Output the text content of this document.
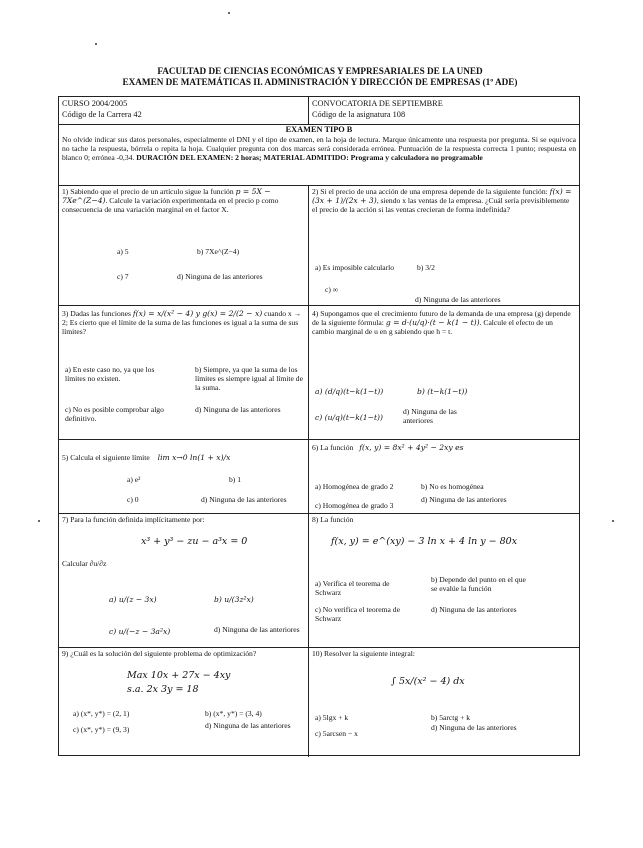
FACULTAD DE CIENCIAS ECONÓMICAS Y EMPRESARIALES DE LA UNED
EXAMEN DE MATEMÁTICAS II. ADMINISTRACIÓN Y DIRECCIÓN DE EMPRESAS (1º ADE)
CURSO 2004/2005
Código de la Carrera 42
CONVOCATORIA DE SEPTIEMBRE
Código de la asignatura 108
EXAMEN TIPO B
No olvide indicar sus datos personales, especialmente el DNI y el tipo de examen, en la hoja de lectura. Marque únicamente una respuesta por pregunta. Si se equivoca no tache la respuesta, bórrela o repita la hoja. Cualquier pregunta con dos marcas será considerada errónea. Puntuación de la respuesta correcta 1 punto; respuesta en blanco 0; errónea -0,34. DURACIÓN DEL EXAMEN: 2 horas; MATERIAL ADMITIDO: Programa y calculadora no programable
1) Sabiendo que el precio de un artículo sigue la función p = 5X − 7Xe^(Z−4). Calcule la variación experimentada en el precio p como consecuencia de una variación marginal en el factor X.
a) 5	b) 7Xe^(Z−4)
c) 7	d) Ninguna de las anteriores
2) Si el precio de una acción de una empresa depende de la siguiente función: f(x) = (3x + 1)/(2x + 3), siendo x las ventas de la empresa. ¿Cuál sería previsiblemente el precio de la acción si las ventas crecieran de forma indefinida?
a) Es imposible calcularlo	b) 3/2
c) ∞
d) Ninguna de las anteriores
3) Dadas las funciones f(x) = x/(x² − 4) y g(x) = 2/(2 − x) cuando x → 2; Es cierto que el límite de la suma de las funciones es igual a la suma de sus límites?
a) En este caso no, ya que los límites no existen.
b) Siempre, ya que la suma de los límites es siempre igual al límite de la suma.
c) No es posible comprobar algo definitivo.
d) Ninguna de las anteriores
4) Supongamos que el crecimiento futuro de la demanda de una empresa (g) depende de la siguiente fórmula: g = d·(u/q)·(t − k(1 − t)). Calcule el efecto de un cambio marginal de u en g sabiendo que h = t.
a) (d/q)(t−k(1−t))	b) (t−k(1−t))
c) (u/q)(t−k(1−t))
d) Ninguna de las anteriores
5) Calcula el siguiente límite lim x→0 ln(1 + x)/x
a) e²	b) 1
c) 0	d) Ninguna de las anteriores
6) La función f(x, y) = 8x² + 4y² − 2xy es
a) Homogénea de grado 2	b) No es homogénea
c) Homogénea de grado 3
d) Ninguna de las anteriores
7) Para la función definida implícitamente por:
x³ + y³ − zu − a³x = 0
Calcular ∂u/∂z
a) u/(z − 3x)	b) u/(3z²x)
c) u/(−z − 3a²x)	d) Ninguna de las anteriores
8) La función
f(x, y) = e^(xy) − 3 ln x + 4 ln y − 80x
a) Verifica el teorema de Schwarz
b) Depende del punto en el que se evalúe la función
c) No verifica el teorema de Schwarz
d) Ninguna de las anteriores
9) ¿Cuál es la solución del siguiente problema de optimización?
Max 10x + 27x − 4xy
s.a. 2x 3y = 18
a) (x*, y*) = (2, 1)	b) (x*, y*) = (3, 4)
c) (x*, y*) = (9, 3)	d) Ninguna de las anteriores
10) Resolver la siguiente integral:
∫ 5x/(x² − 4) dx
a) 5lgx + k	b) 5arctg + k
c) 5arcsen − x
d) Ninguna de las anteriores
